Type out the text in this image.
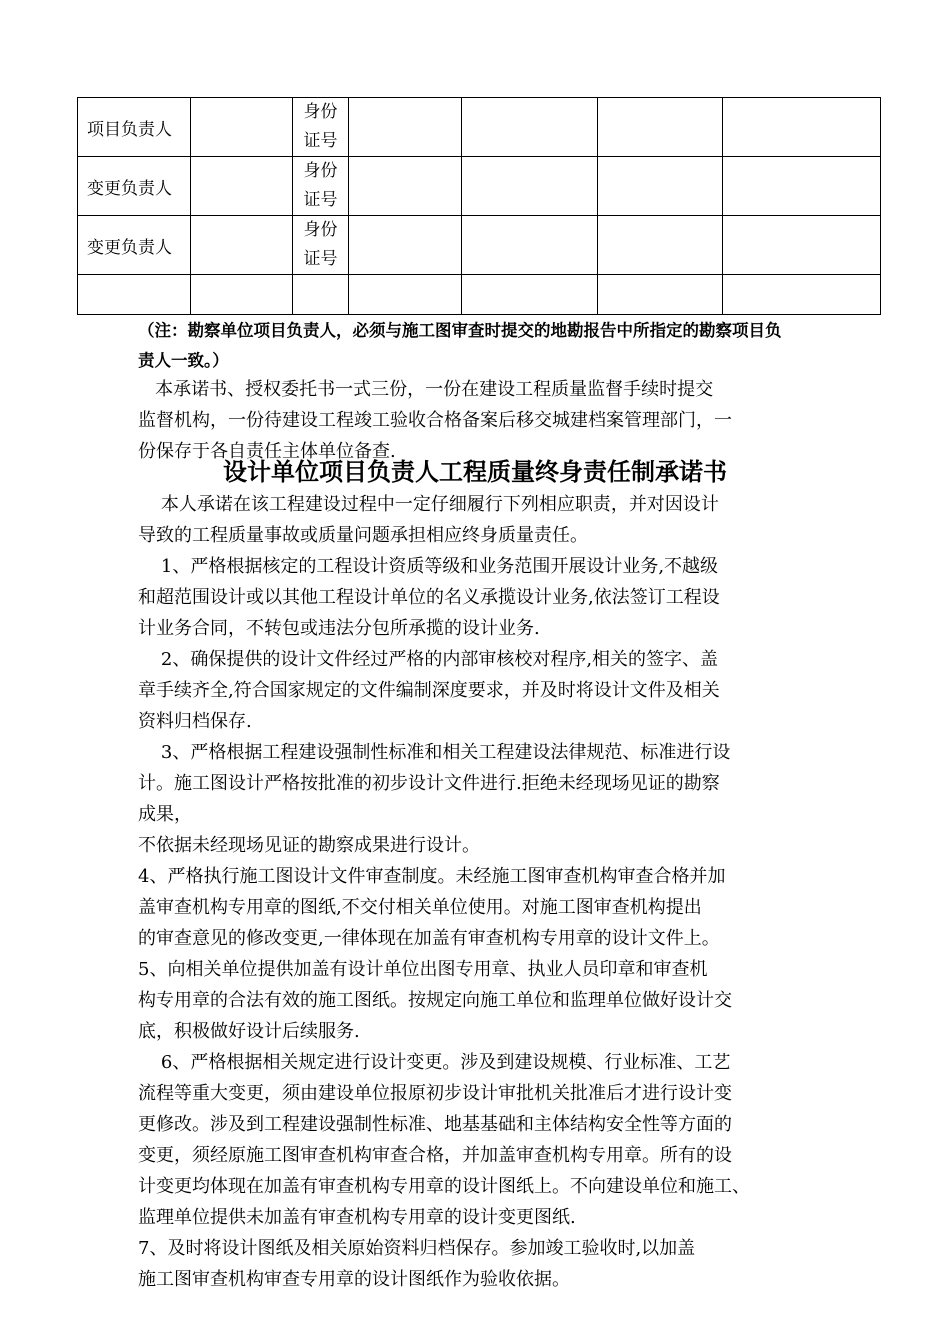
项目负责人		身份
证号				

变更负责人		身份
证号				

变更负责人		身份
证号				

（注：勘察单位项目负责人，必须与施工图审查时提交的地勘报告中所指定的勘察项目负
责人一致。）
本承诺书、授权委托书一式三份，一份在建设工程质量监督手续时提交
监督机构，一份待建设工程竣工验收合格备案后移交城建档案管理部门，一
份保存于各自责任主体单位备查.
设计单位项目负责人工程质量终身责任制承诺书
本人承诺在该工程建设过程中一定仔细履行下列相应职责，并对因设计
导致的工程质量事故或质量问题承担相应终身质量责任。
1、严格根据核定的工程设计资质等级和业务范围开展设计业务,不越级
和超范围设计或以其他工程设计单位的名义承揽设计业务,依法签订工程设
计业务合同，不转包或违法分包所承揽的设计业务.
2、确保提供的设计文件经过严格的内部审核校对程序,相关的签字、盖
章手续齐全,符合国家规定的文件编制深度要求，并及时将设计文件及相关
资料归档保存.
3、严格根据工程建设强制性标准和相关工程建设法律规范、标准进行设
计。施工图设计严格按批准的初步设计文件进行.拒绝未经现场见证的勘察
成果，
不依据未经现场见证的勘察成果进行设计。
4、严格执行施工图设计文件审查制度。未经施工图审查机构审查合格并加
盖审查机构专用章的图纸,不交付相关单位使用。对施工图审查机构提出
的审查意见的修改变更,一律体现在加盖有审查机构专用章的设计文件上。
5、向相关单位提供加盖有设计单位出图专用章、执业人员印章和审查机
构专用章的合法有效的施工图纸。按规定向施工单位和监理单位做好设计交
底，积极做好设计后续服务.
6、严格根据相关规定进行设计变更。涉及到建设规模、行业标准、工艺
流程等重大变更，须由建设单位报原初步设计审批机关批准后才进行设计变
更修改。涉及到工程建设强制性标准、地基基础和主体结构安全性等方面的
变更，须经原施工图审查机构审查合格，并加盖审查机构专用章。所有的设
计变更均体现在加盖有审查机构专用章的设计图纸上。不向建设单位和施工、
监理单位提供未加盖有审查机构专用章的设计变更图纸.
7、及时将设计图纸及相关原始资料归档保存。参加竣工验收时,以加盖
施工图审查机构审查专用章的设计图纸作为验收依据。
